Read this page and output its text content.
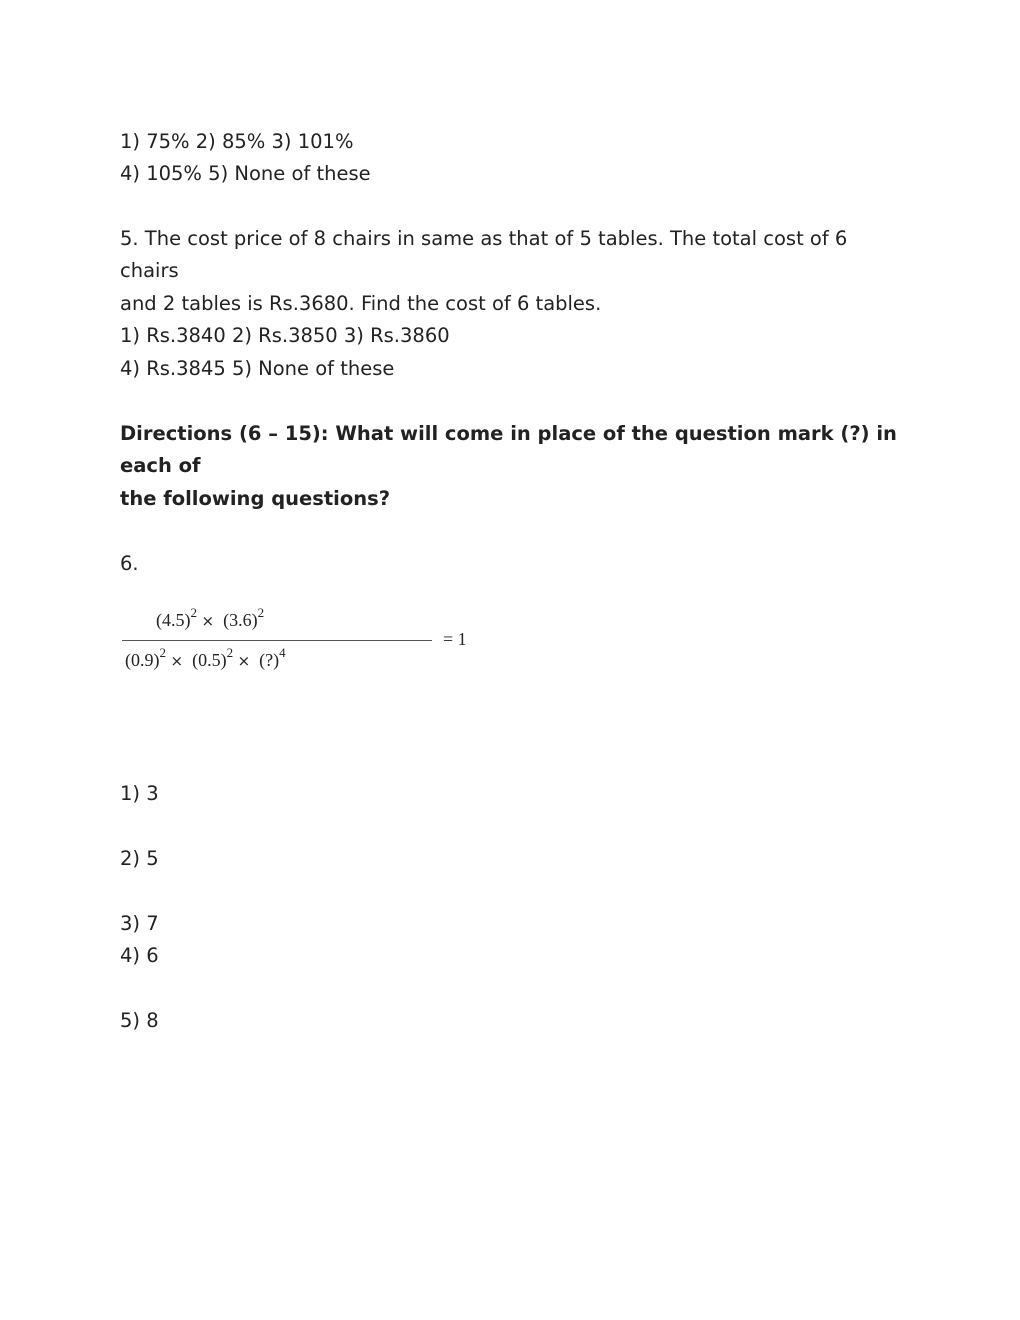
1) 75% 2) 85% 3) 101%

4) 105% 5) None of these

5. The cost price of 8 chairs in same as that of 5 tables. The total cost of 6

chairs

and 2 tables is Rs.3680. Find the cost of 6 tables.

1) Rs.3840 2) Rs.3850 3) Rs.3860

4) Rs.3845 5) None of these

Directions (6 – 15): What will come in place of the question mark (?) in

each of

the following questions?

6.

$(4.5)^2 \times (3.6)^2$
$(0.9)^2 \times (0.5)^2$ × (?)$^4$
= 1

1) 3

2) 5

3) 7

4) 6

5) 8
